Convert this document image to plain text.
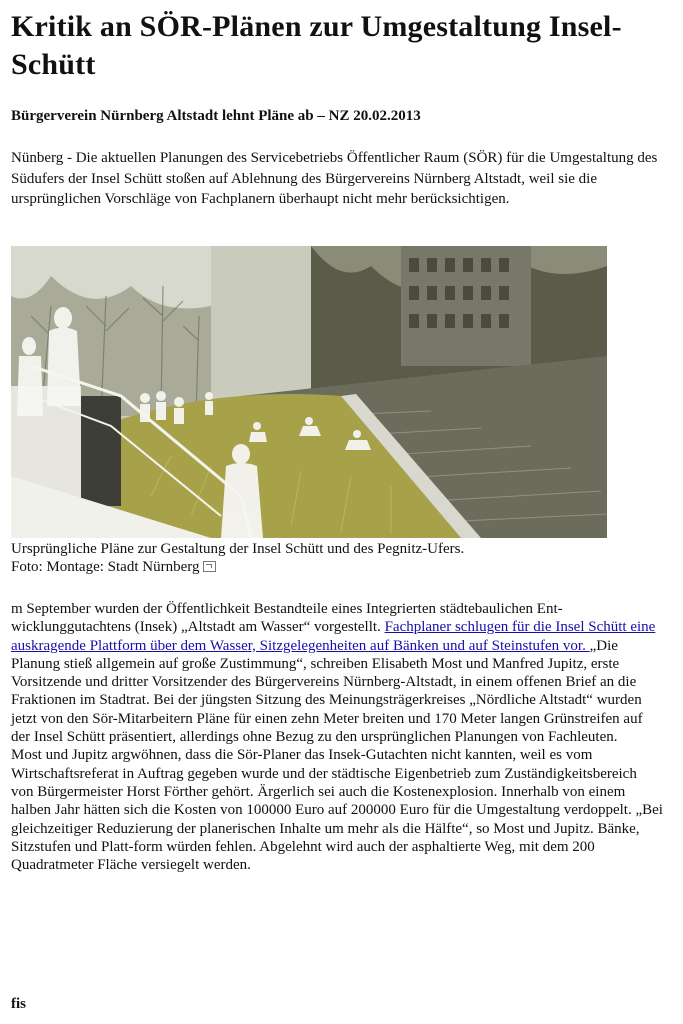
Kritik an SÖR-Plänen zur Umgestaltung Insel-Schütt

Bürgerverein Nürnberg Altstadt lehnt Pläne ab – NZ 20.02.2013

Nünberg - Die aktuellen Planungen des Servicebetriebs Öffentlicher Raum (SÖR) für die Umgestaltung des Südufers der Insel Schütt stoßen auf Ablehnung des Bürgervereins Nürnberg Altstadt, weil sie die ursprünglichen Vorschläge von Fachplanern überhaupt nicht mehr berücksichtigen.

Ursprüngliche Pläne zur Gestaltung der Insel Schütt und des Pegnitz-Ufers.
Foto: Montage: Stadt Nürnberg

m September wurden der Öffentlichkeit Bestandteile eines Integrierten städtebaulichen Ent-wicklunggutachtens (Insek) „Altstadt am Wasser“ vorgestellt. Fachplaner schlugen für die Insel Schütt eine auskragende Plattform über dem Wasser, Sitzgelegenheiten auf Bänken und auf Steinstufen vor. „Die Planung stieß allgemein auf große Zustimmung“, schreiben Elisabeth Most und Manfred Jupitz, erste Vorsitzende und dritter Vorsitzender des Bürgervereins Nürnberg-Altstadt, in einem offenen Brief an die Fraktionen im Stadtrat. Bei der jüngsten Sitzung des Meinungsträgerkreises „Nördliche Altstadt“ wurden jetzt von den Sör-Mitarbeitern Pläne für einen zehn Meter breiten und 170 Meter langen Grünstreifen auf der Insel Schütt präsentiert, allerdings ohne Bezug zu den ursprünglichen Planungen von Fachleuten.
Most und Jupitz argwöhnen, dass die Sör-Planer das Insek-Gutachten nicht kannten, weil es vom Wirtschaftsreferat in Auftrag gegeben wurde und der städtische Eigenbetrieb zum Zuständigkeitsbereich von Bürgermeister Horst Förther gehört. Ärgerlich sei auch die Kostenexplosion. Innerhalb von einem halben Jahr hätten sich die Kosten von 100000 Euro auf 200000 Euro für die Umgestaltung verdoppelt. „Bei gleichzeitiger Reduzierung der planerischen Inhalte um mehr als die Hälfte“, so Most und Jupitz. Bänke, Sitzstufen und Platt-form würden fehlen. Abgelehnt wird auch der asphaltierte Weg, mit dem 200 Quadratmeter Fläche versiegelt werden.

fis
